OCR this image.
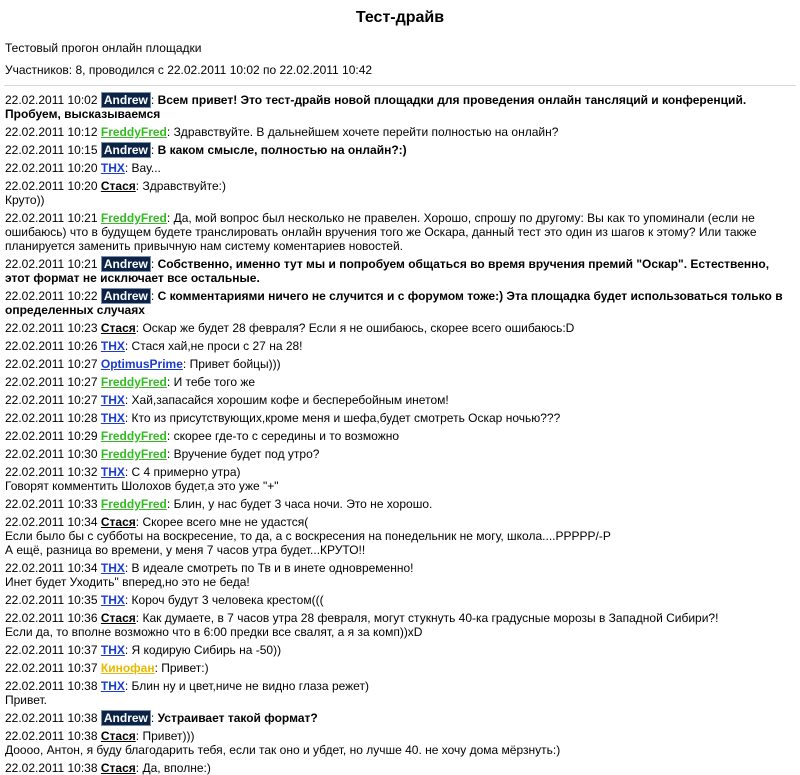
Тест-драйв
Тестовый прогон онлайн площадки
Участников: 8, проводился с 22.02.2011 10:02 по 22.02.2011 10:42
22.02.2011 10:02 Andrew : Всем привет! Это тест-драйв новой площадки для проведения онлайн тансляций и конференций.
Пробуем, высказываемся
22.02.2011 10:12 FreddyFred: Здравствуйте. В дальнейшем хочете перейти полностью на онлайн?
22.02.2011 10:15 Andrew : В каком смысле, полностью на онлайн?:)
22.02.2011 10:20 ТНХ: Вау...
22.02.2011 10:20 Стася: Здравствуйте:)
Круто))
22.02.2011 10:21 FreddyFred: Да, мой вопрос был несколько не правелен. Хорошо, спрошу по другому: Вы как то упоминали (если не
ошибаюсь) что в будущем будете транслировать онлайн вручения того же Оскара, данный тест это один из шагов к этому? Или также
планируется заменить привычную нам систему коментариев новостей.
22.02.2011 10:21 Andrew : Собственно, именно тут мы и попробуем общаться во время вручения премий "Оскар". Естественно,
этот формат не исключает все остальные.
22.02.2011 10:22 Andrew : С комментариями ничего не случится и с форумом тоже:) Эта площадка будет использоваться только в
определенных случаях
22.02.2011 10:23 Стася: Оскар же будет 28 февраля? Если я не ошибаюсь, скорее всего ошибаюсь:D
22.02.2011 10:26 ТНХ: Стася хай,не проси с 27 на 28!
22.02.2011 10:27 OptimusPrime: Привет бойцы)))
22.02.2011 10:27 FreddyFred: И тебе того же
22.02.2011 10:27 ТНХ: Хай,запасайся хорошим кофе и бесперебойным инетом!
22.02.2011 10:28 ТНХ: Кто из присутствующих,кроме меня и шефа,будет смотреть Оскар ночью???
22.02.2011 10:29 FreddyFred: скорее где-то с середины и то возможно
22.02.2011 10:30 FreddyFred: Вручение будет под утро?
22.02.2011 10:32 ТНХ: С 4 примерно утра)
Говорят комментить Шолохов будет,а это уже "+"
22.02.2011 10:33 FreddyFred: Блин, у нас будет 3 часа ночи. Это не хорошо.
22.02.2011 10:34 Стася: Скорее всего мне не удастся(
Если было бы с субботы на воскресение, то да, а с воскресения на понедельник не могу, школа....PPPPP/-P
А ещё, разница во времени, у меня 7 часов утра будет...КРУТО!!
22.02.2011 10:34 ТНХ: В идеале смотреть по Тв и в инете одновременно!
Инет будет Уходить" вперед,но это не беда!
22.02.2011 10:35 ТНХ: Короч будут 3 человека крестом(((
22.02.2011 10:36 Стася: Как думаете, в 7 часов утра 28 февраля, могут стукнуть 40-ка градусные морозы в Западной Сибири?!
Если да, то вполне возможно что в 6:00 предки все свалят, а я за комп))xD
22.02.2011 10:37 ТНХ: Я кодирую Сибирь на -50))
22.02.2011 10:37 Кинофан: Привет:)
22.02.2011 10:38 ТНХ: Блин ну и цвет,ниче не видно глаза режет)
Привет.
22.02.2011 10:38 Andrew : Устраивает такой формат?
22.02.2011 10:38 Стася: Привет)))
Доооо, Антон, я буду благодарить тебя, если так оно и убдет, но лучше 40. не хочу дома мёрзнуть:)
22.02.2011 10:38 Стася: Да, вполне:)
